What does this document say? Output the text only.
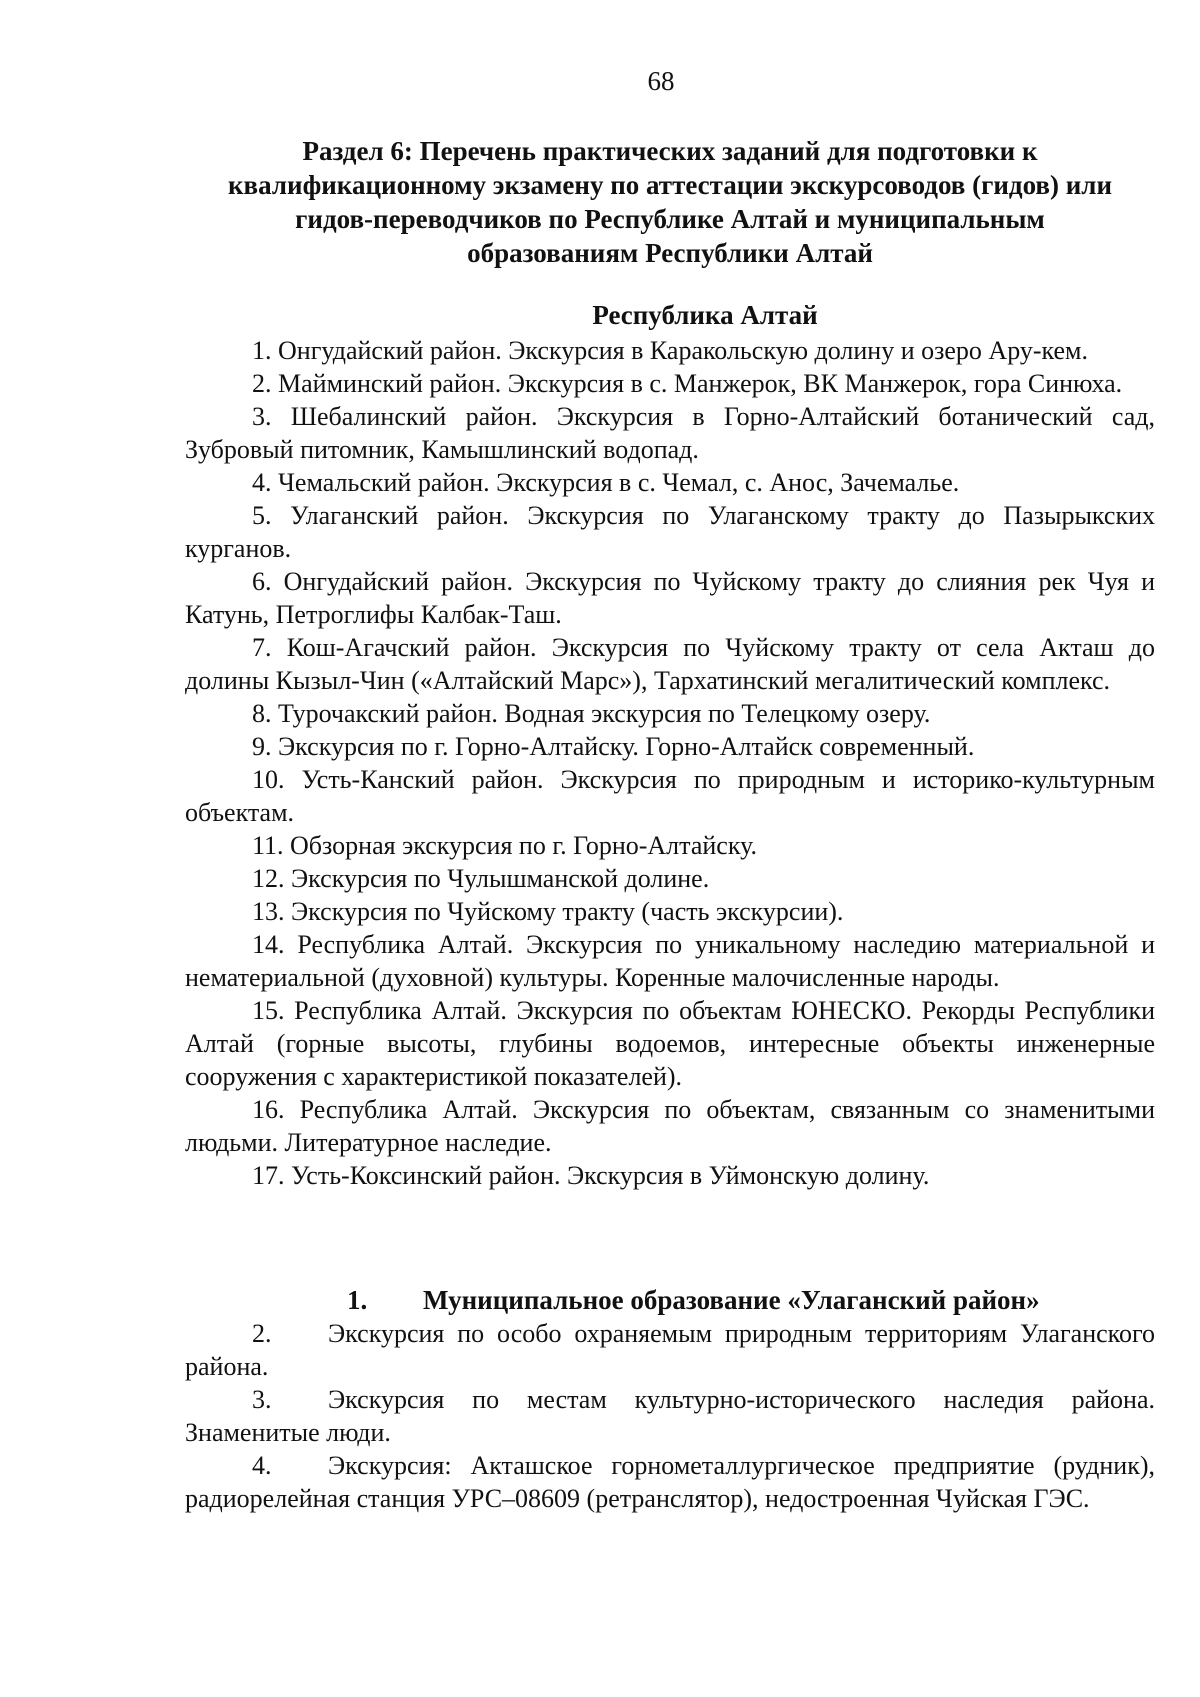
68
Раздел 6: Перечень практических заданий для подготовки к
квалификационному экзамену по аттестации экскурсоводов (гидов) или
гидов-переводчиков по Республике Алтай и муниципальным
образованиям Республики Алтай
Республика Алтай

1. Онгудайский район. Экскурсия в Каракольскую долину и озеро Ару-кем.

2. Майминский район. Экскурсия в с. Манжерок, ВК Манжерок, гора Синюха.

3. Шебалинский район. Экскурсия в Горно-Алтайский ботанический сад, Зубровый питомник, Камышлинский водопад.

4. Чемальский район. Экскурсия в с. Чемал, с. Анос, Зачемалье.

5. Улаганский район. Экскурсия по Улаганскому тракту до Пазырыкских курганов.

6. Онгудайский район. Экскурсия по Чуйскому тракту до слияния рек Чуя и Катунь, Петроглифы Калбак-Таш.

7. Кош-Агачский район. Экскурсия по Чуйскому тракту от села Акташ до долины Кызыл-Чин («Алтайский Марс»), Тархатинский мегалитический комплекс.

8. Турочакский район. Водная экскурсия по Телецкому озеру.

9. Экскурсия по г. Горно-Алтайску. Горно-Алтайск современный.

10. Усть-Канский район. Экскурсия по природным и историко-культурным объектам.

11. Обзорная экскурсия по г. Горно-Алтайску.

12. Экскурсия по Чулышманской долине.

13. Экскурсия по Чуйскому тракту (часть экскурсии).

14. Республика Алтай. Экскурсия по уникальному наследию материальной и нематериальной (духовной) культуры. Коренные малочисленные народы.

15. Республика Алтай. Экскурсия по объектам ЮНЕСКО. Рекорды Республики Алтай (горные высоты, глубины водоемов, интересные объекты инженерные сооружения с характеристикой показателей).

16. Республика Алтай. Экскурсия по объектам, связанным со знаменитыми людьми. Литературное наследие.

17. Усть-Коксинский район. Экскурсия в Уймонскую долину.

1. Муниципальное образование «Улаганский район»

2. Экскурсия по особо охраняемым природным территориям Улаганского района.

3. Экскурсия по местам культурно-исторического наследия района. Знаменитые люди.

4. Экскурсия: Акташское горнометаллургическое предприятие (рудник), радиорелейная станция УРС–08609 (ретранслятор), недостроенная Чуйская ГЭС.
